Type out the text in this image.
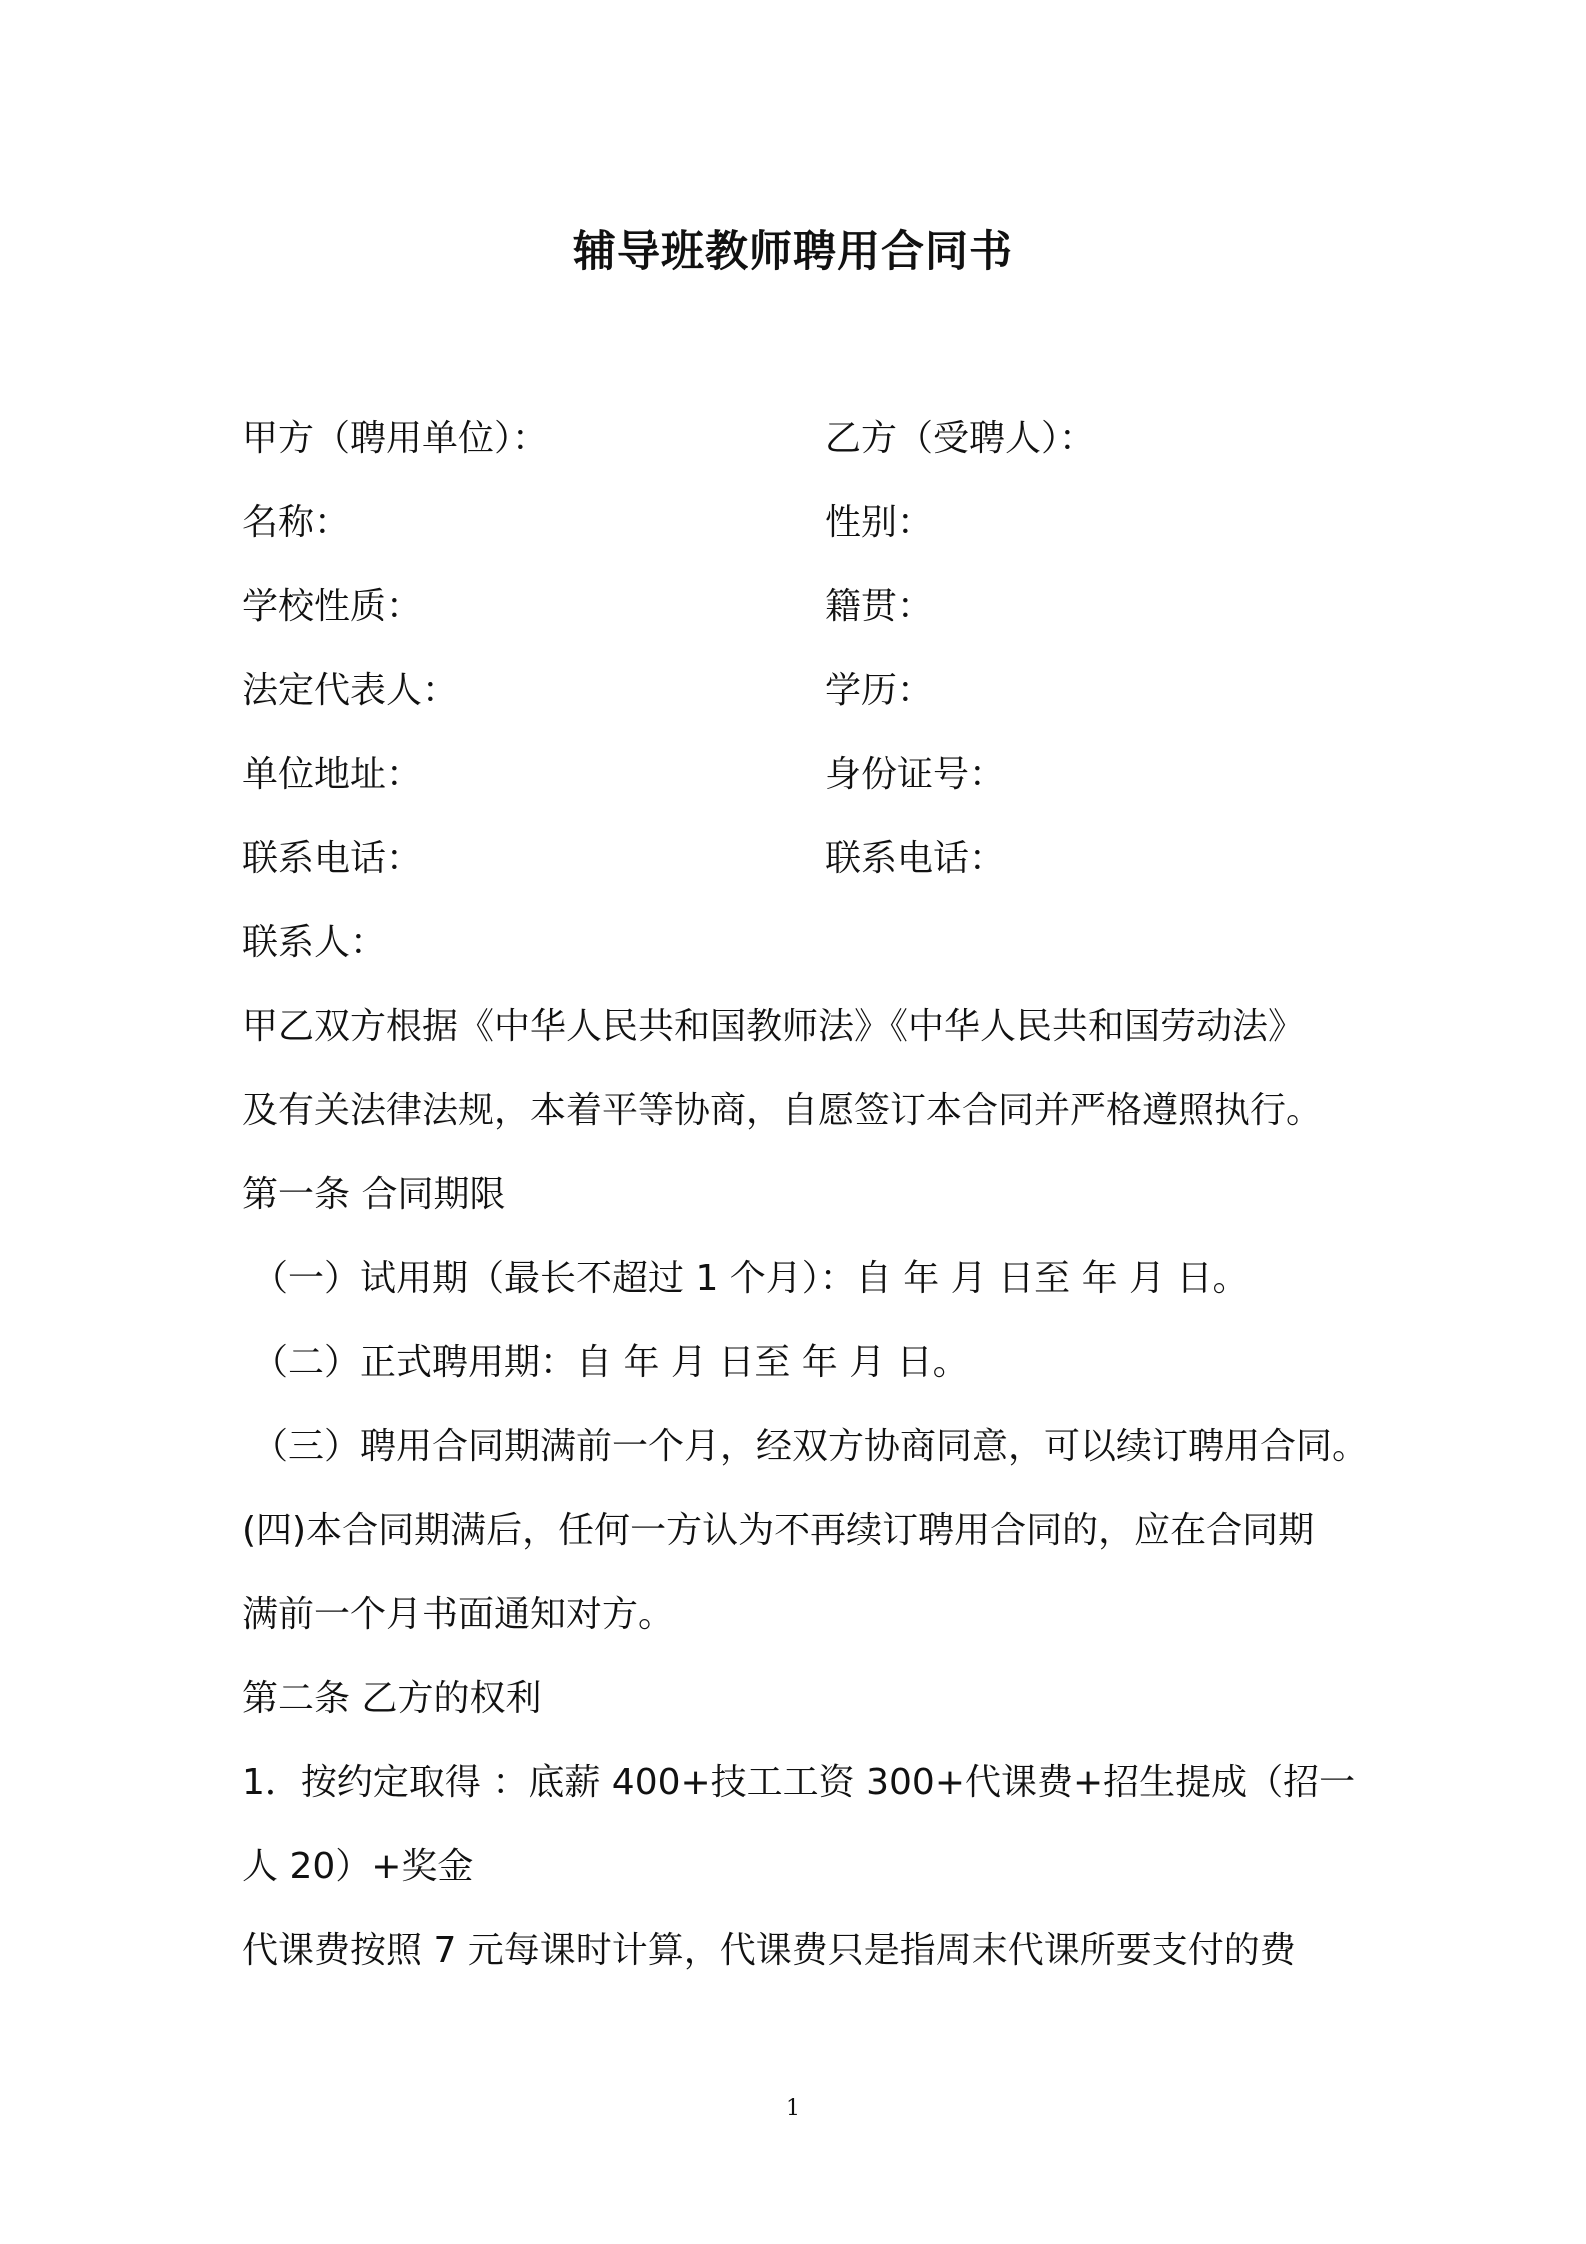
辅导班教师聘用合同书
甲方（聘用单位）：	乙方（受聘人）：
名称：	性别：
学校性质：	籍贯：
法定代表人：	学历：
单位地址：	身份证号：
联系电话：	联系电话：
联系人：
甲乙双方根据《中华人民共和国教师法》《中华人民共和国劳动法》
及有关法律法规，本着平等协商，自愿签订本合同并严格遵照执行。
第一条 合同期限
（一）试用期（最长不超过 1 个月）：自 年 月 日至 年 月 日。
（二）正式聘用期：自 年 月 日至 年 月 日。
（三）聘用合同期满前一个月，经双方协商同意，可以续订聘用合同。
(四)本合同期满后，任何一方认为不再续订聘用合同的，应在合同期
满前一个月书面通知对方。
第二条 乙方的权利
1．按约定取得 ：底薪 400+技工工资 300+代课费+招生提成（招一
人 20）+奖金
代课费按照 7 元每课时计算，代课费只是指周末代课所要支付的费
1
